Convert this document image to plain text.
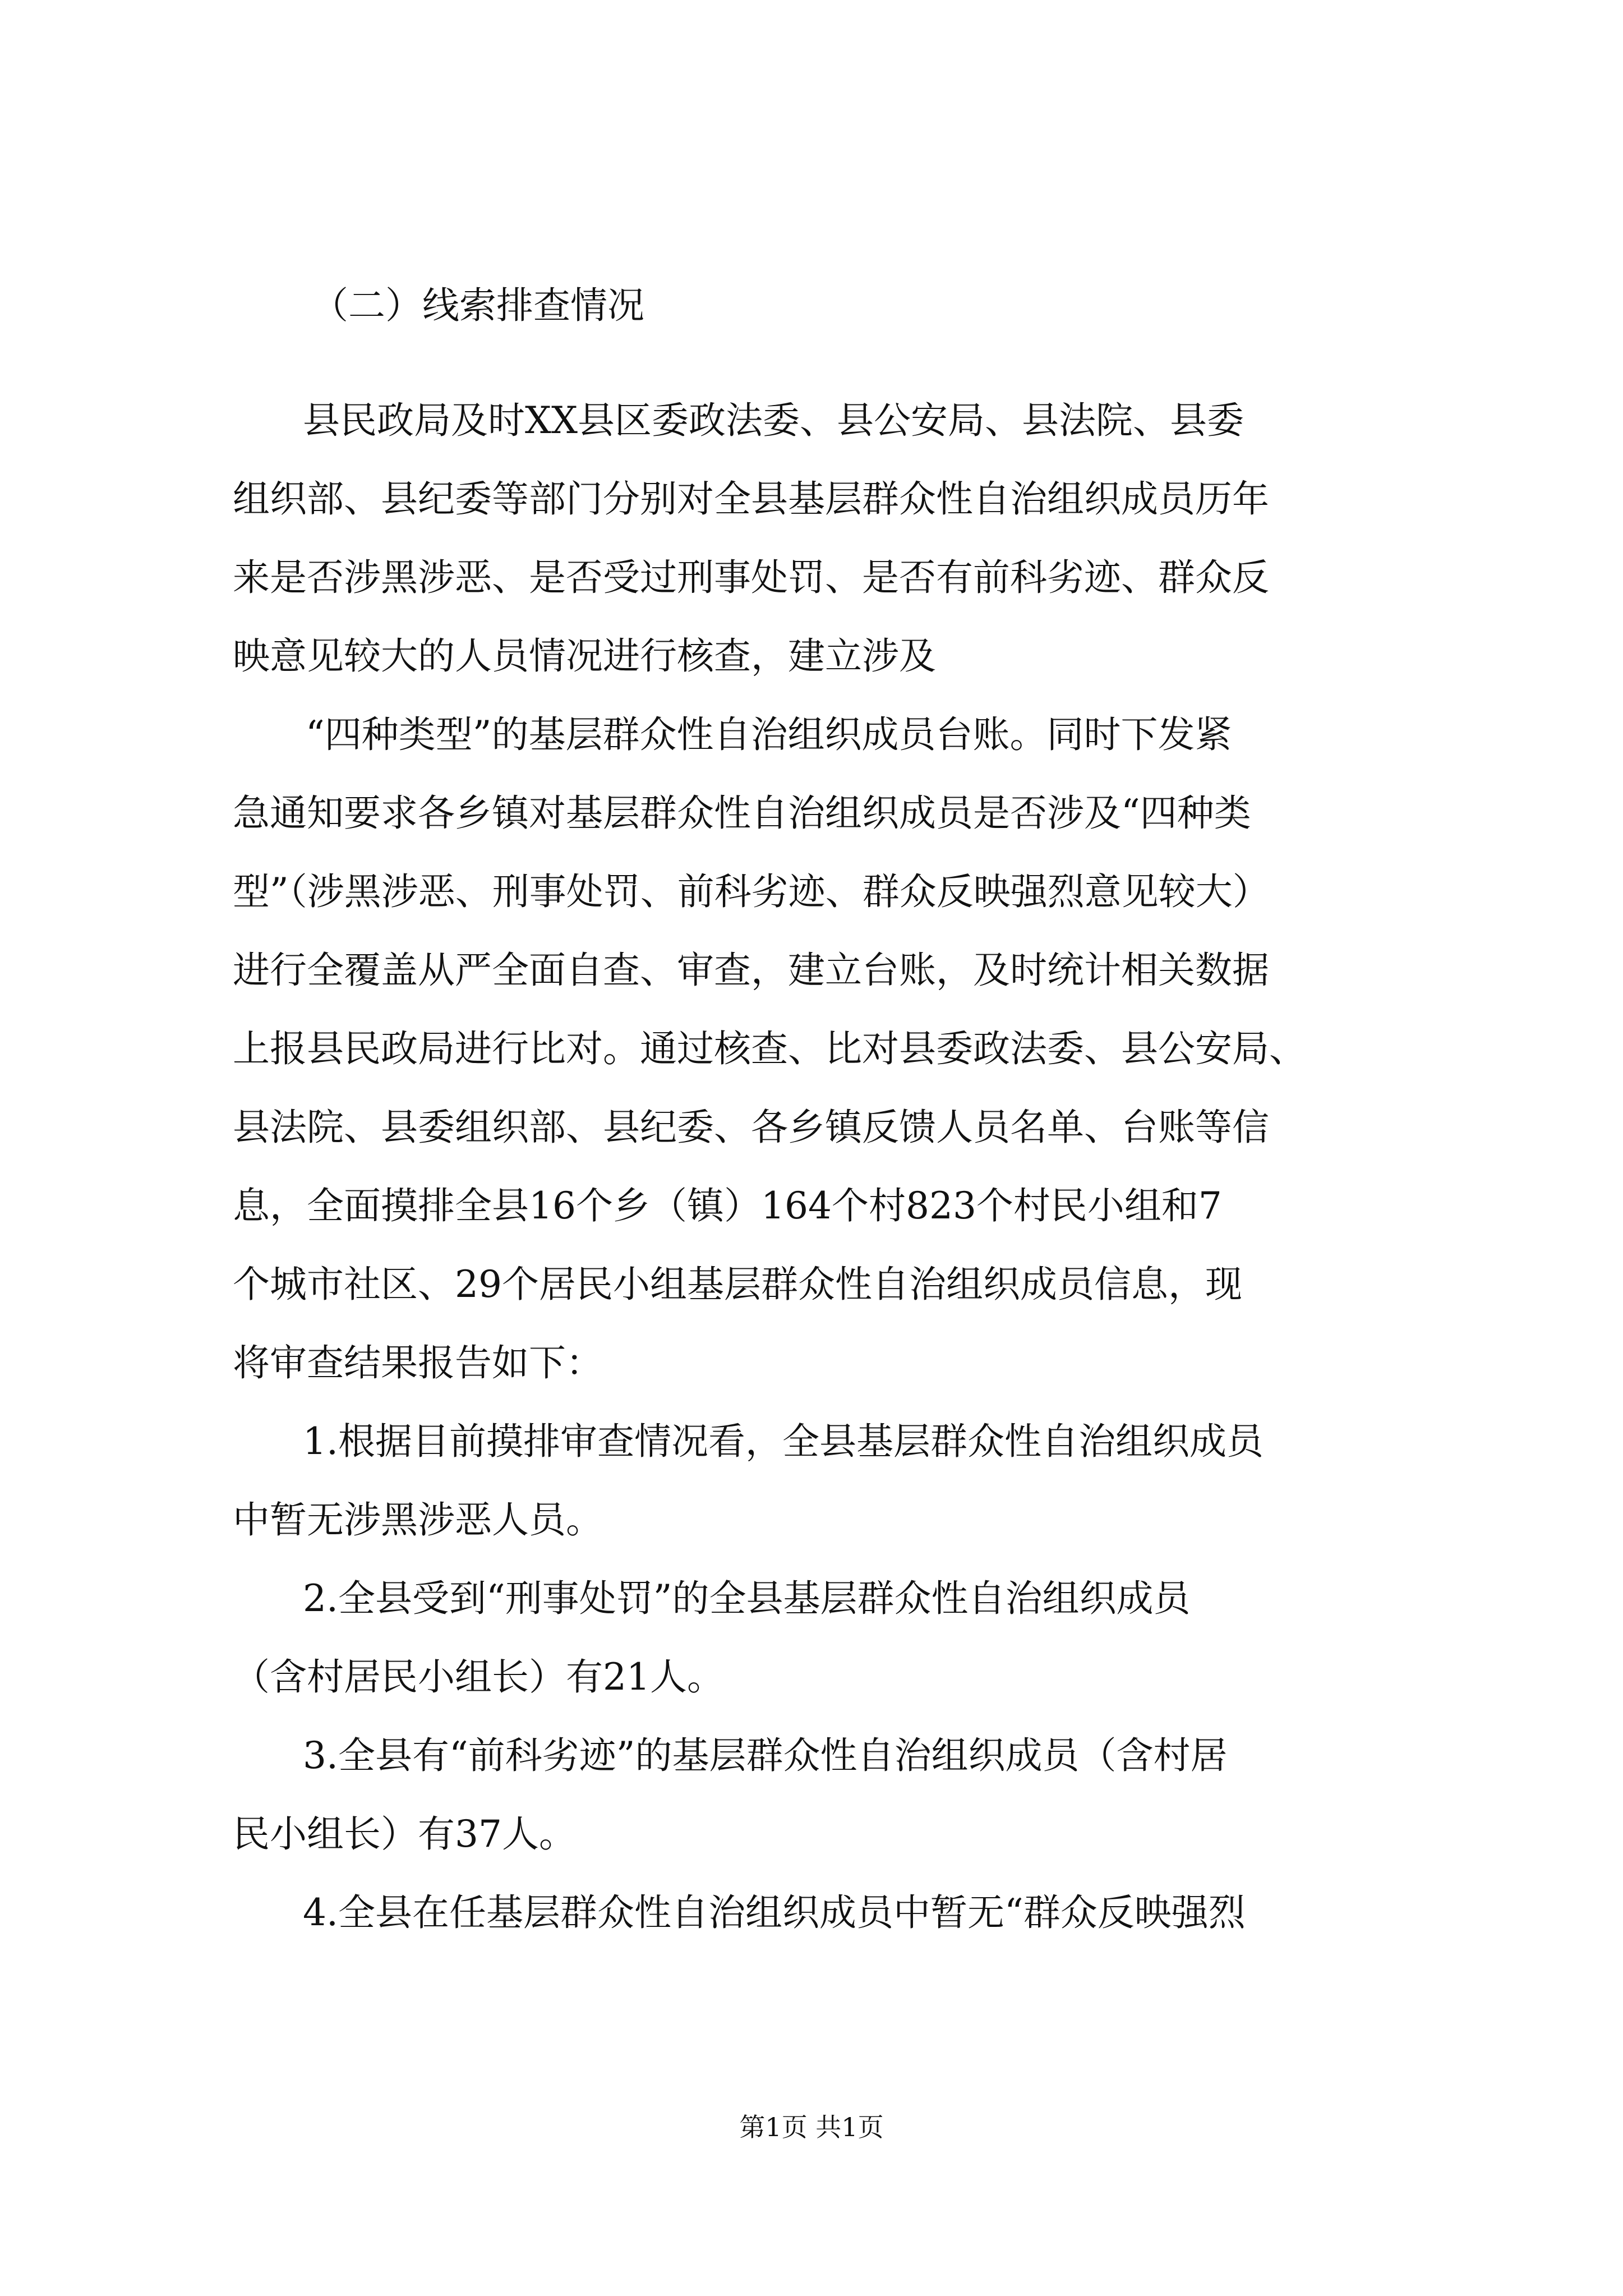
（二）线索排查情况
县民政局及时XX县区委政法委、县公安局、县法院、县委
组织部、县纪委等部门分别对全县基层群众性自治组织成员历年
来是否涉黑涉恶、是否受过刑事处罚、是否有前科劣迹、群众反
映意见较大的人员情况进行核查，建立涉及
“四种类型”的基层群众性自治组织成员台账。同时下发紧
急通知要求各乡镇对基层群众性自治组织成员是否涉及“四种类
型”（涉黑涉恶、刑事处罚、前科劣迹、群众反映强烈意见较大）
进行全覆盖从严全面自查、审查，建立台账，及时统计相关数据
上报县民政局进行比对。通过核查、比对县委政法委、县公安局、
县法院、县委组织部、县纪委、各乡镇反馈人员名单、台账等信
息，全面摸排全县16个乡（镇）164个村823个村民小组和7
个城市社区、29个居民小组基层群众性自治组织成员信息，现
将审查结果报告如下：
1.根据目前摸排审查情况看，全县基层群众性自治组织成员
中暂无涉黑涉恶人员。
2.全县受到“刑事处罚”的全县基层群众性自治组织成员
（含村居民小组长）有21人。
3.全县有“前科劣迹”的基层群众性自治组织成员（含村居
民小组长）有37人。
4.全县在任基层群众性自治组织成员中暂无“群众反映强烈
第1页 共1页
